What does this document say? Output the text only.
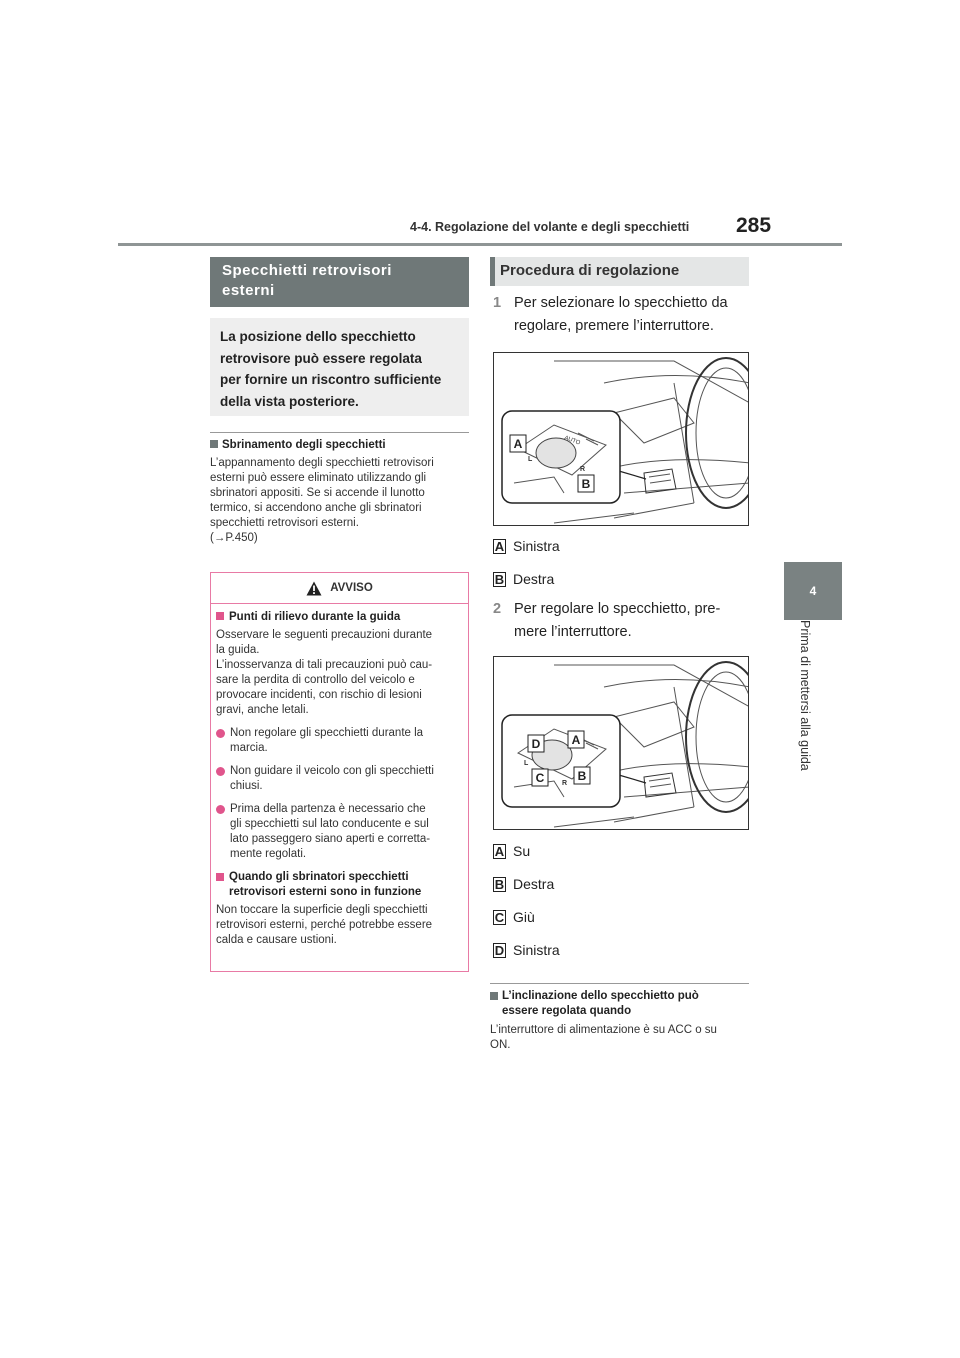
4-4. Regolazione del volante e degli specchietti 285
4
Prima di mettersi alla guida
Specchietti retrovisori
esterni
La posizione dello specchietto
retrovisore può essere regolata
per fornire un riscontro sufficiente
della vista posteriore.
Sbrinamento degli specchietti
L’appannamento degli specchietti retrovisori
esterni può essere eliminato utilizzando gli
sbrinatori appositi. Se si accende il lunotto
termico, si accendono anche gli sbrinatori
specchietti retrovisori esterni.
(→P.450)
AVVISO
Punti di rilievo durante la guida
Osservare le seguenti precauzioni durante
la guida.
L’inosservanza di tali precauzioni può cau-
sare la perdita di controllo del veicolo e
provocare incidenti, con rischio di lesioni
gravi, anche letali.
Non regolare gli specchietti durante la
marcia.
Non guidare il veicolo con gli specchietti
chiusi.
Prima della partenza è necessario che
gli specchietti sul lato conducente e sul
lato passeggero siano aperti e corretta-
mente regolati.
Quando gli sbrinatori specchietti
retrovisori esterni sono in funzione
Non toccare la superficie degli specchietti
retrovisori esterni, perché potrebbe essere
calda e causare ustioni.
Procedura di regolazione
1 Per selezionare lo specchietto da
regolare, premere l’interruttore.
AUTO
L
R
A
B
A Sinistra
B Destra
2 Per regolare lo specchietto, pre-
mere l’interruttore.
L
R
D	A
C	B
A Su
B Destra
C Giù
D Sinistra
L’inclinazione dello specchietto può
essere regolata quando
L’interruttore di alimentazione è su ACC o su
ON.
